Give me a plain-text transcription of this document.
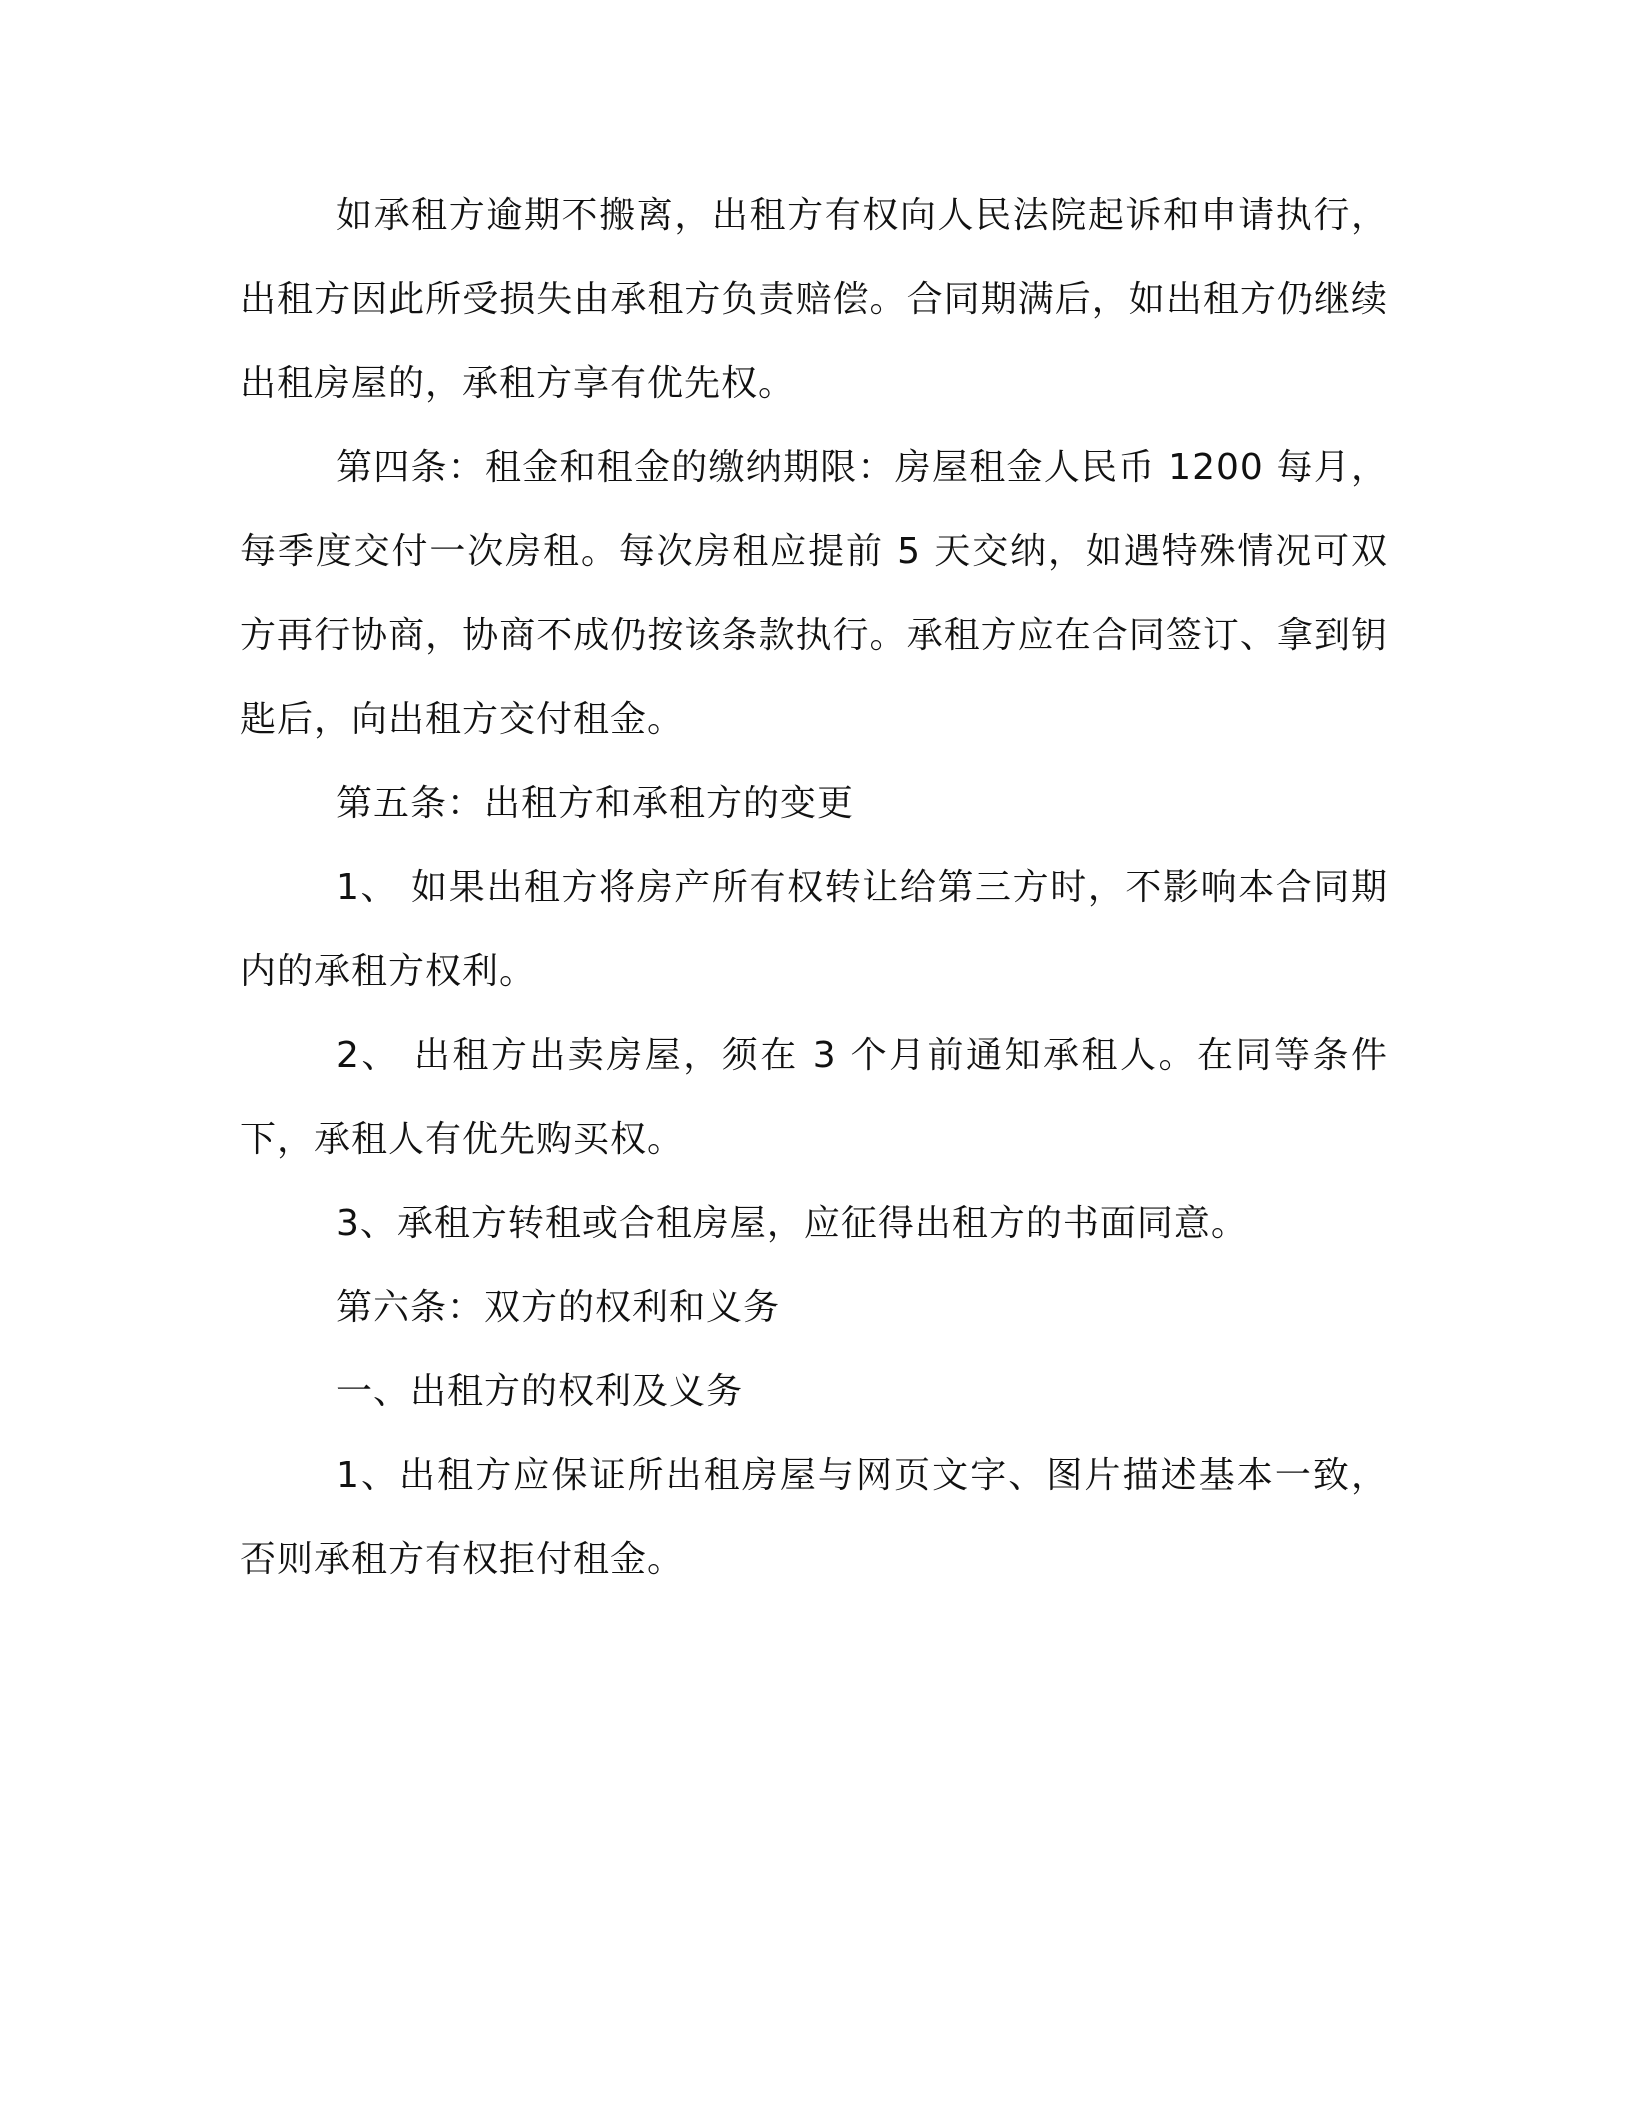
如承租方逾期不搬离，出租方有权向人民法院起诉和申请执行，出租方因此所受损失由承租方负责赔偿。合同期满后，如出租方仍继续出租房屋的，承租方享有优先权。

第四条：租金和租金的缴纳期限：房屋租金人民币 1200 每月，每季度交付一次房租。每次房租应提前 5 天交纳，如遇特殊情况可双方再行协商，协商不成仍按该条款执行。承租方应在合同签订、拿到钥匙后，向出租方交付租金。

第五条：出租方和承租方的变更

1、 如果出租方将房产所有权转让给第三方时，不影响本合同期内的承租方权利。

2、 出租方出卖房屋，须在 3 个月前通知承租人。在同等条件下，承租人有优先购买权。

3、承租方转租或合租房屋，应征得出租方的书面同意。

第六条：双方的权利和义务

一、出租方的权利及义务

1、出租方应保证所出租房屋与网页文字、图片描述基本一致，否则承租方有权拒付租金。
